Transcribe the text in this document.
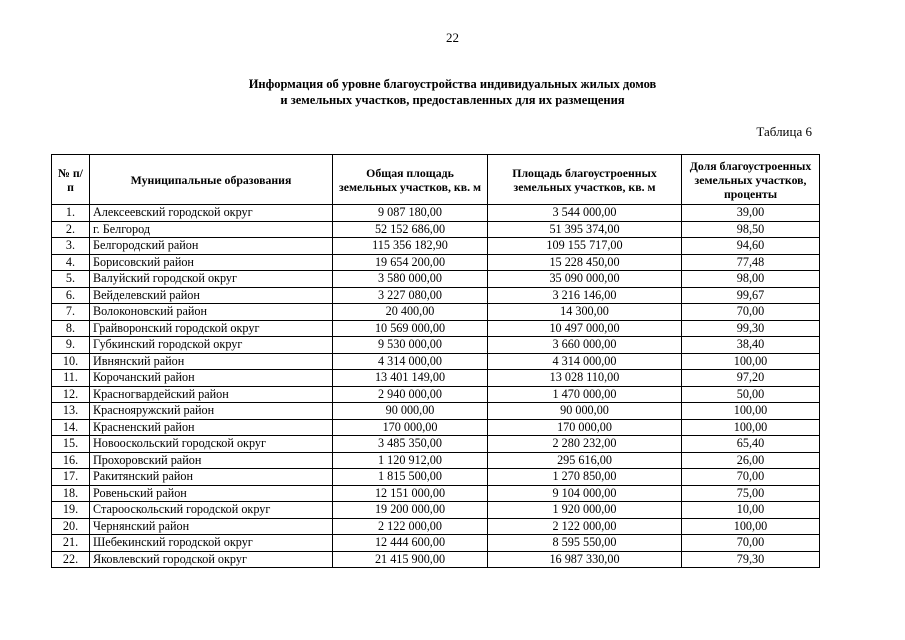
22
Информация об уровне благоустройства индивидуальных жилых домов
и земельных участков, предоставленных для их размещения
Таблица 6
№ п/п	Муниципальные образования	Общая площадь земельных участков, кв. м	Площадь благоустроенных земельных участков, кв. м	Доля благоустроенных земельных участков, проценты
1.	Алексеевский городской округ	9 087 180,00	3 544 000,00	39,00
2.	г. Белгород	52 152 686,00	51 395 374,00	98,50
3.	Белгородский район	115 356 182,90	109 155 717,00	94,60
4.	Борисовский район	19 654 200,00	15 228 450,00	77,48
5.	Валуйский городской округ	3 580 000,00	35 090 000,00	98,00
6.	Вейделевский район	3 227 080,00	3 216 146,00	99,67
7.	Волоконовский район	20 400,00	14 300,00	70,00
8.	Грайворонский городской округ	10 569 000,00	10 497 000,00	99,30
9.	Губкинский городской округ	9 530 000,00	3 660 000,00	38,40
10.	Ивнянский район	4 314 000,00	4 314 000,00	100,00
11.	Корочанский район	13 401 149,00	13 028 110,00	97,20
12.	Красногвардейский район	2 940 000,00	1 470 000,00	50,00
13.	Краснояружский район	90 000,00	90 000,00	100,00
14.	Красненский район	170 000,00	170 000,00	100,00
15.	Новооскольский городской округ	3 485 350,00	2 280 232,00	65,40
16.	Прохоровский район	1 120 912,00	295 616,00	26,00
17.	Ракитянский район	1 815 500,00	1 270 850,00	70,00
18.	Ровеньский район	12 151 000,00	9 104 000,00	75,00
19.	Старооскольский городской округ	19 200 000,00	1 920 000,00	10,00
20.	Чернянский район	2 122 000,00	2 122 000,00	100,00
21.	Шебекинский городской округ	12 444 600,00	8 595 550,00	70,00
22.	Яковлевский городской округ	21 415 900,00	16 987 330,00	79,30
